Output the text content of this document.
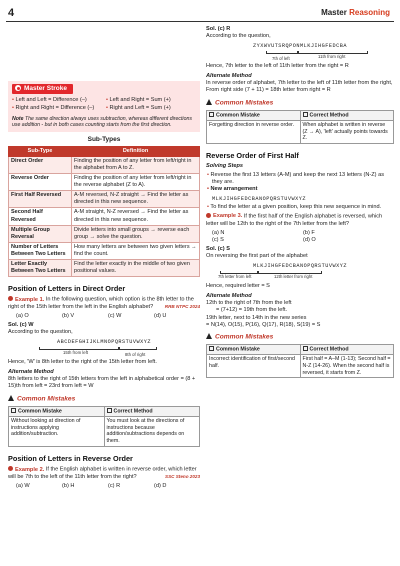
4	Master Reasoning
Master Stroke
• Left and Left = Difference (–)	• Left and Right = Sum (+)
• Right and Right = Difference (–)	• Right and Left = Sum (+)
Note The same direction always uses subtraction, whereas different directions use addition - but in both cases counting starts from the first direction.
Sub-Types
Sub-Type	Definition
Direct Order	Finding the position of any letter from left/right in the alphabet from A to Z.
Reverse Order	Finding the position of any letter from left/right in the reverse alphabet (Z to A).
First Half Reversed	A-M reversed, N-Z straight → Find the letter as directed in this new sequence.
Second Half Reversed	A-M straight, N-Z reversed → Find the letter as directed in this new sequence.
Multiple Group Reversal	Divide letters into small groups → reverse each group → solve the question.
Number of Letters Between Two Letters	How many letters are between two given letters → find the count.
Letter Exactly Between Two Letters	Find the letter exactly in the middle of two given positional values.
Position of Letters in Direct Order
Example 1. In the following question, which option is the 8th letter to the right of the 15th letter from the left in the English alphabet?	RRB NTPC 2024
(a) O	(b) V	(c) W	(d) U
Sol. (c) W
According to the question,
ABCDEFGHIJKLMNOPQRSTUVWXYZ
15th from left	8th of right
Hence, 'W' is 8th letter to the right of the 15th letter from left.
Alternate Method
8th letters to the right of 15th letters from the left in alphabetical order = (8 + 15)th from left = 23rd from left = W
Common Mistakes
Common Mistake	Correct Method
Without looking at direction of instructions applying addition/subtraction.	You must look at the directions of instructions because addition/subtractions depends on them.
Position of Letters in Reverse Order
Example 2. If the English alphabet is written in reverse order, which letter will be 7th to the left of the 11th letter from the right?	SSC Steno 2023
(a) W	(b) H	(c) R	(d) D
Sol. (c) R
According to the question,
ZYXWVUTSRQPONMLKJIHGFEDCBA
7th of left	11th from right
Hence, 7th letter to the left of 11th letter from the right = R
Alternate Method
In reverse order of alphabet, 7th letter to the left of 11th letter from the right,
From right side (7 + 11) = 18th letter from right = R
Common Mistakes
Common Mistake	Correct Method
Forgetting direction in reverse order.	When alphabet is written in reverse (Z → A), 'left' actually points towards Z.
Reverse Order of First Half
Solving Steps
• Reverse the first 13 letters (A-M) and keep the next 13 letters (N-Z) as they are.
• New arrangement
MLKJIHGFEDCBANOPQRSTUVWXYZ
• To find the letter at a given position, keep this new sequence in mind.
Example 3. If the first half of the English alphabet is reversed, which letter will be 12th to the right of the 7th letter from the left?
(a) N	(b) F
(c) S	(d) O
Sol. (c) S
On reversing the first part of the alphabet
MLKJIHGFEDCBANOPQRSTUVWXYZ
7th letter from left	12th letter from right
Hence, required letter = S
Alternate Method
12th to the right of 7th from the left
= (7+12) = 19th from the left.
19th letter, next to 14th in the new series
= N(14), O(15), P(16), Q(17), R(18), S(19) = S
Common Mistakes
Common Mistake	Correct Method
Incorrect identification of first/second half.	First half = A–M (1-13); Second half = N-Z (14-26). When the second half is reversed, it starts from Z.
